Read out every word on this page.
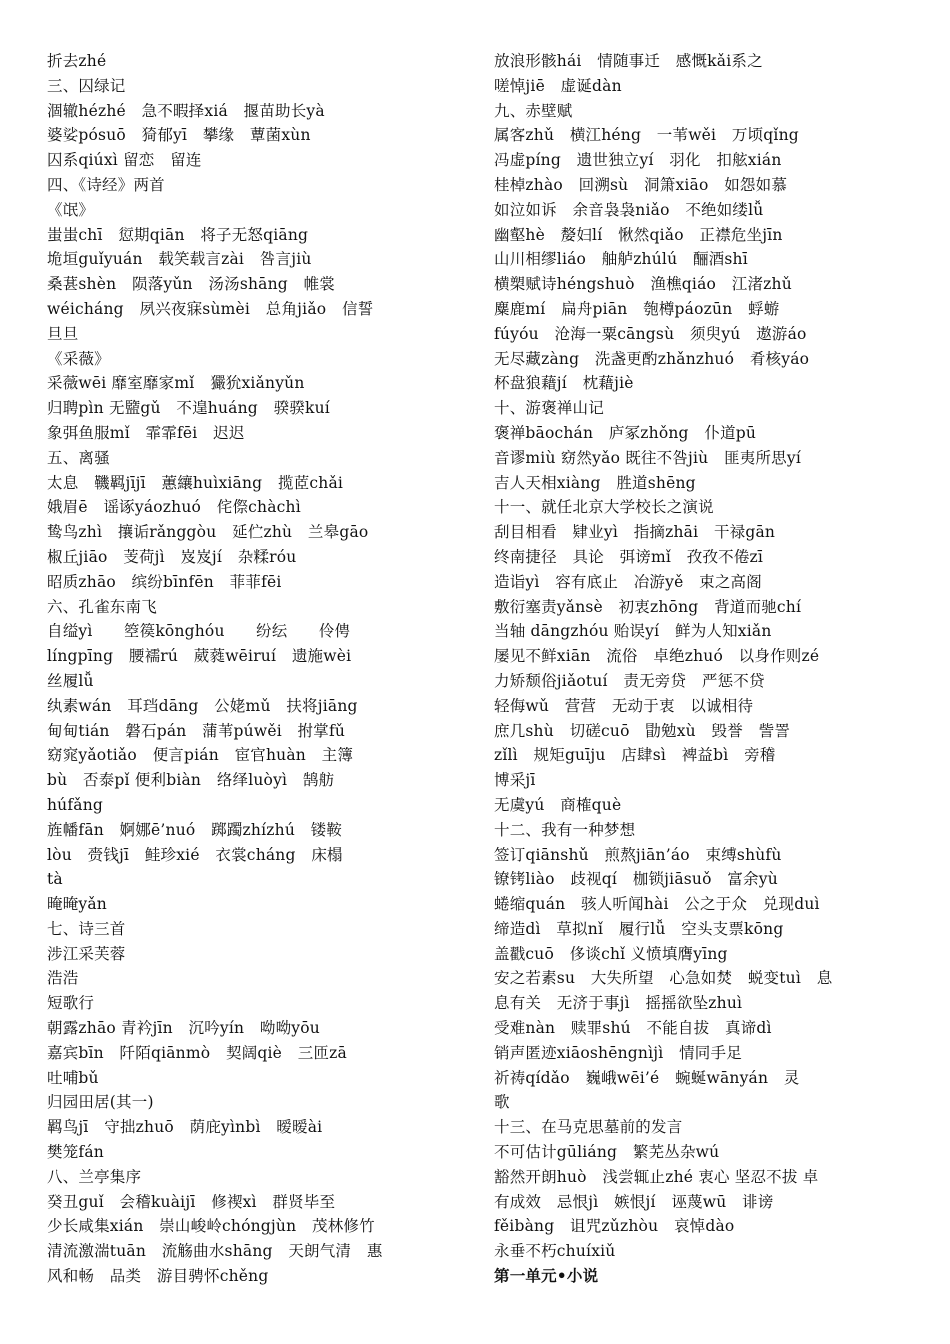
折去zhé
三、囚绿记
涸辙hézhé　急不暇择xiá　揠苗助长yà
婆娑pósuō　猗郁yī　攀缘　蕈菌xùn
囚系qiúxì 留恋　留连
四、《诗经》两首
《氓》
蚩蚩chī　愆期qiān　将子无怒qiāng
垝垣guǐyuán　载笑载言zài　咎言jiù
桑葚shèn　陨落yǔn　汤汤shāng　帷裳
wéicháng　夙兴夜寐sùmèi　总角jiǎo　信誓
旦旦
《采薇》
采薇wēi 靡室靡家mǐ　玁狁xiǎnyǔn
归聘pìn 无盬gǔ　不遑huáng　骙骙kuí
象弭鱼服mǐ　霏霏fēi　迟迟
五、离骚
太息　鞿羁jījī　蕙纕huìxiāng　揽茝chǎi
娥眉ē　谣诼yáozhuó　侘傺chàchì
鸷鸟zhì　攘诟rǎnggòu　延伫zhù　兰皋gāo
椒丘jiāo　芰荷jì　岌岌jí　杂糅róu
昭质zhāo　缤纷bīnfēn　菲菲fēi
六、孔雀东南飞
自缢yì　　箜篌kōnghóu　　纷纭　　伶俜
língpīng　腰襦rú　葳蕤wēiruí　遗施wèi
丝履lǚ
纨素wán　耳珰dāng　公姥mǔ　扶将jiāng
甸甸tián　磐石pán　蒲苇púwěi　拊掌fǔ
窈窕yǎotiǎo　便言pián　宦官huàn　主簿
bù　否泰pǐ 便利biàn　络绎luòyì　鹄舫
húfǎng
旌幡fān　婀娜ē’nuó　踯躅zhízhú　镂鞍
lòu　赍钱jī　鲑珍xié　衣裳cháng　床榻
tà
晻晻yǎn
七、诗三首
涉江采芙蓉
浩浩
短歌行
朝露zhāo 青衿jīn　沉吟yín　呦呦yōu
嘉宾bīn　阡陌qiānmò　契阔qiè　三匝zā
吐哺bǔ
归园田居(其一)
羁鸟jī　守拙zhuō　荫庇yìnbì　暧暧ài
樊笼fán
八、兰亭集序
癸丑guǐ　会稽kuàijī　修禊xì　群贤毕至
少长咸集xián　崇山峻岭chóngjùn　茂林修竹
清流激湍tuān　流觞曲水shāng　天朗气清　惠
风和畅　品类　游目骋怀chěng
放浪形骸hái　情随事迁　感慨kǎi系之
嗟悼jiē　虚诞dàn
九、赤壁赋
属客zhǔ　横江héng　一苇wěi　万顷qǐng
冯虚píng　遗世独立yí　羽化　扣舷xián
桂棹zhào　回溯sù　洞箫xiāo　如怨如慕
如泣如诉　余音袅袅niǎo　不绝如缕lǚ
幽壑hè　嫠妇lí　愀然qiǎo　正襟危坐jīn
山川相缪liáo　舳舻zhúlú　酾酒shī
横槊赋诗héngshuò　渔樵qiáo　江渚zhǔ
麋鹿mí　扁舟piān　匏樽páozūn　蜉蝣
fúyóu　沧海一粟cāngsù　须臾yú　遨游áo
无尽藏zàng　洗盏更酌zhǎnzhuó　肴核yáo
杯盘狼藉jí　枕藉jiè
十、游褒禅山记
褒禅bāochán　庐冢zhǒng　仆道pū
音谬miù 窈然yǎo 既往不咎jiù　匪夷所思yí
吉人天相xiàng　胜道shēng
十一、就任北京大学校长之演说
刮目相看　肄业yì　指摘zhāi　干禄gān
终南捷径　具论　弭谤mǐ　孜孜不倦zī
造诣yì　容有底止　冶游yě　束之高阁
敷衍塞责yǎnsè　初衷zhōng　背道而驰chí
当轴 dāngzhóu 贻误yí　鲜为人知xiǎn
屡见不鲜xiān　流俗　卓绝zhuó　以身作则zé
力矫颓俗jiǎotuí　责无旁贷　严惩不贷
轻侮wǔ　营营　无动于衷　以诚相待
庶几shù　切磋cuō　勖勉xù　毁誉　訾詈
zǐlì　规矩guīju　店肆sì　裨益bì　旁稽
博采jī
无虞yú　商榷què
十二、我有一种梦想
签订qiānshǔ　煎熬jiān’áo　束缚shùfù
镣铐liào　歧视qí　枷锁jiāsuǒ　富余yù
蜷缩quán　骇人听闻hài　公之于众　兑现duì
缔造dì　草拟nǐ　履行lǚ　空头支票kōng
盖戳cuō　侈谈chǐ 义愤填膺yīng
安之若素su　大失所望　心急如焚　蜕变tuì　息
息有关　无济于事jì　摇摇欲坠zhuì
受难nàn　赎罪shú　不能自拔　真谛dì
销声匿迹xiāoshēngnìjì　情同手足
祈祷qídǎo　巍峨wēi’é　蜿蜒wānyán　灵
歌
十三、在马克思墓前的发言
不可估计gūliáng　繁芜丛杂wú
豁然开朗huò　浅尝辄止zhé 衷心 坚忍不拔 卓
有成效　忌恨jì　嫉恨jí　诬蔑wū　诽谤
fěibàng　诅咒zǔzhòu　哀悼dào
永垂不朽chuíxiǔ
第一单元•小说
